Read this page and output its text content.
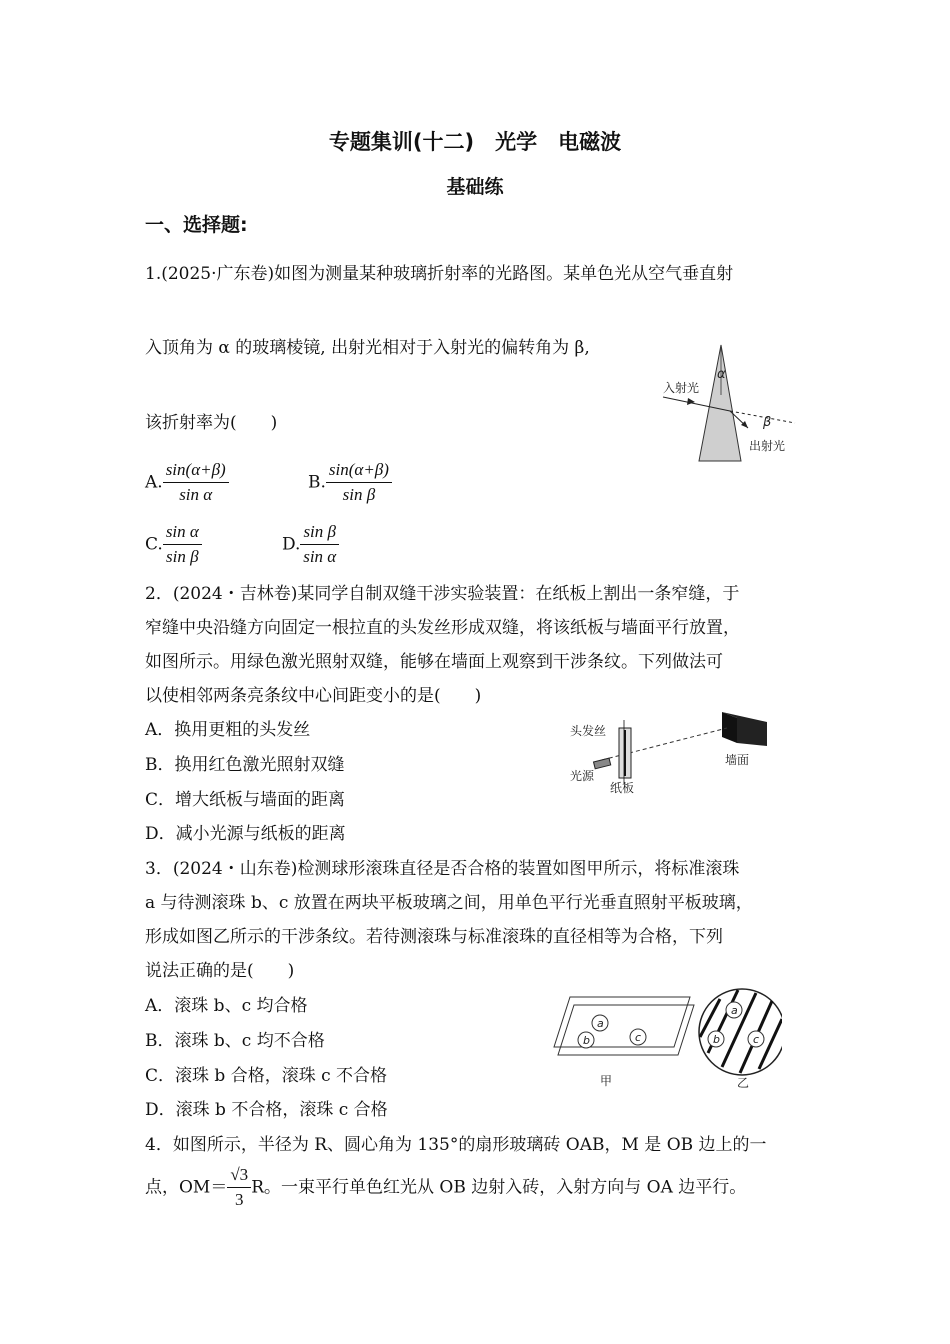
专题集训(十二)　光学　电磁波
基础练
一、选择题:
1.(2025·广东卷)如图为测量某种玻璃折射率的光路图。某单色光从空气垂直射
入顶角为 α 的玻璃棱镜, 出射光相对于入射光的偏转角为 β,
该折射率为(　　)
A. $\frac{\sin(\alpha+\beta)}{\text{sin α}}$	B. $\frac{\sin(\alpha+\beta)}{\text{sin β}}$
C. $\frac{\text{sin α}}{\text{sin β}}$	D. $\frac{\text{sin β}}{\text{sin α}}$
入射光
出射光
α
β
2．(2024・吉林卷)某同学自制双缝干涉实验装置：在纸板上割出一条窄缝，于
窄缝中央沿缝方向固定一根拉直的头发丝形成双缝，将该纸板与墙面平行放置，
如图所示。用绿色激光照射双缝，能够在墙面上观察到干涉条纹。下列做法可
以使相邻两条亮条纹中心间距变小的是(　　)
A．换用更粗的头发丝
B．换用红色激光照射双缝
C．增大纸板与墙面的距离
D．减小光源与纸板的距离
头发丝
光源
纸板
墙面
3．(2024・山东卷)检测球形滚珠直径是否合格的装置如图甲所示，将标准滚珠
a 与待测滚珠 b、c 放置在两块平板玻璃之间，用单色平行光垂直照射平板玻璃，
形成如图乙所示的干涉条纹。若待测滚珠与标准滚珠的直径相等为合格，下列
说法正确的是(　　)
A．滚珠 b、c 均合格
B．滚珠 b、c 均不合格
C．滚珠 b 合格，滚珠 c 不合格
D．滚珠 b 不合格，滚珠 c 合格
a
b	c
甲
a
b	c
乙
4．如图所示，半径为 R、圆心角为 135°的扇形玻璃砖 OAB，M 是 OB 边上的一
点，$OM= \frac{√3}{3}$ R。一束平行单色红光从 OB 边射入砖，入射方向与 OA 边平行。
